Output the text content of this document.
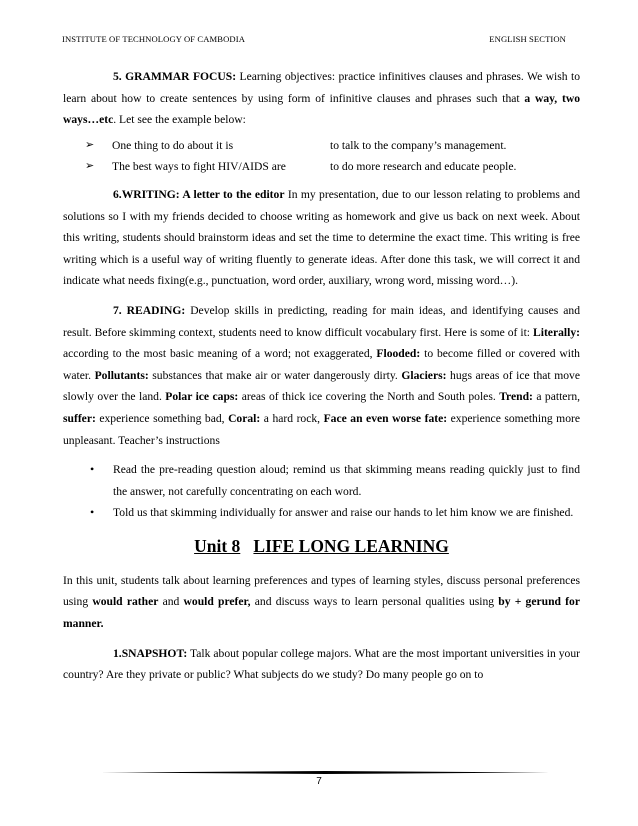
INSTITUTE OF TECHNOLOGY OF CAMBODIA	ENGLISH SECTION

5. GRAMMAR FOCUS: Learning objectives: practice infinitives clauses and phrases. We wish to learn about how to create sentences by using form of infinitive clauses and phrases such that a way, two ways…etc. Let see the example below:

➢ One thing to do about it is	to talk to the company’s management.
➢ The best ways to fight HIV/AIDS are	to do more research and educate people.

6.WRITING: A letter to the editor In my presentation, due to our lesson relating to problems and solutions so I with my friends decided to choose writing as homework and give us back on next week. About this writing, students should brainstorm ideas and set the time to determine the exact time. This writing is free writing which is a useful way of writing fluently to generate ideas. After done this task, we will correct it and indicate what needs fixing(e.g., punctuation, word order, auxiliary, wrong word, missing word…).

7. READING: Develop skills in predicting, reading for main ideas, and identifying causes and result. Before skimming context, students need to know difficult vocabulary first. Here is some of it: Literally: according to the most basic meaning of a word; not exaggerated, Flooded: to become filled or covered with water. Pollutants: substances that make air or water dangerously dirty. Glaciers: hugs areas of ice that move slowly over the land. Polar ice caps: areas of thick ice covering the North and South poles. Trend: a pattern, suffer: experience something bad, Coral: a hard rock, Face an even worse fate: experience something more unpleasant. Teacher’s instructions

• Read the pre-reading question aloud; remind us that skimming means reading quickly just to find the answer, not carefully concentrating on each word.
• Told us that skimming individually for answer and raise our hands to let him know we are finished.
Unit 8 LIFE LONG LEARNING

In this unit, students talk about learning preferences and types of learning styles, discuss personal preferences using would rather and would prefer, and discuss ways to learn personal qualities using by + gerund for manner.

1.SNAPSHOT: Talk about popular college majors. What are the most important universities in your country? Are they private or public? What subjects do we study? Do many people go on to

7
